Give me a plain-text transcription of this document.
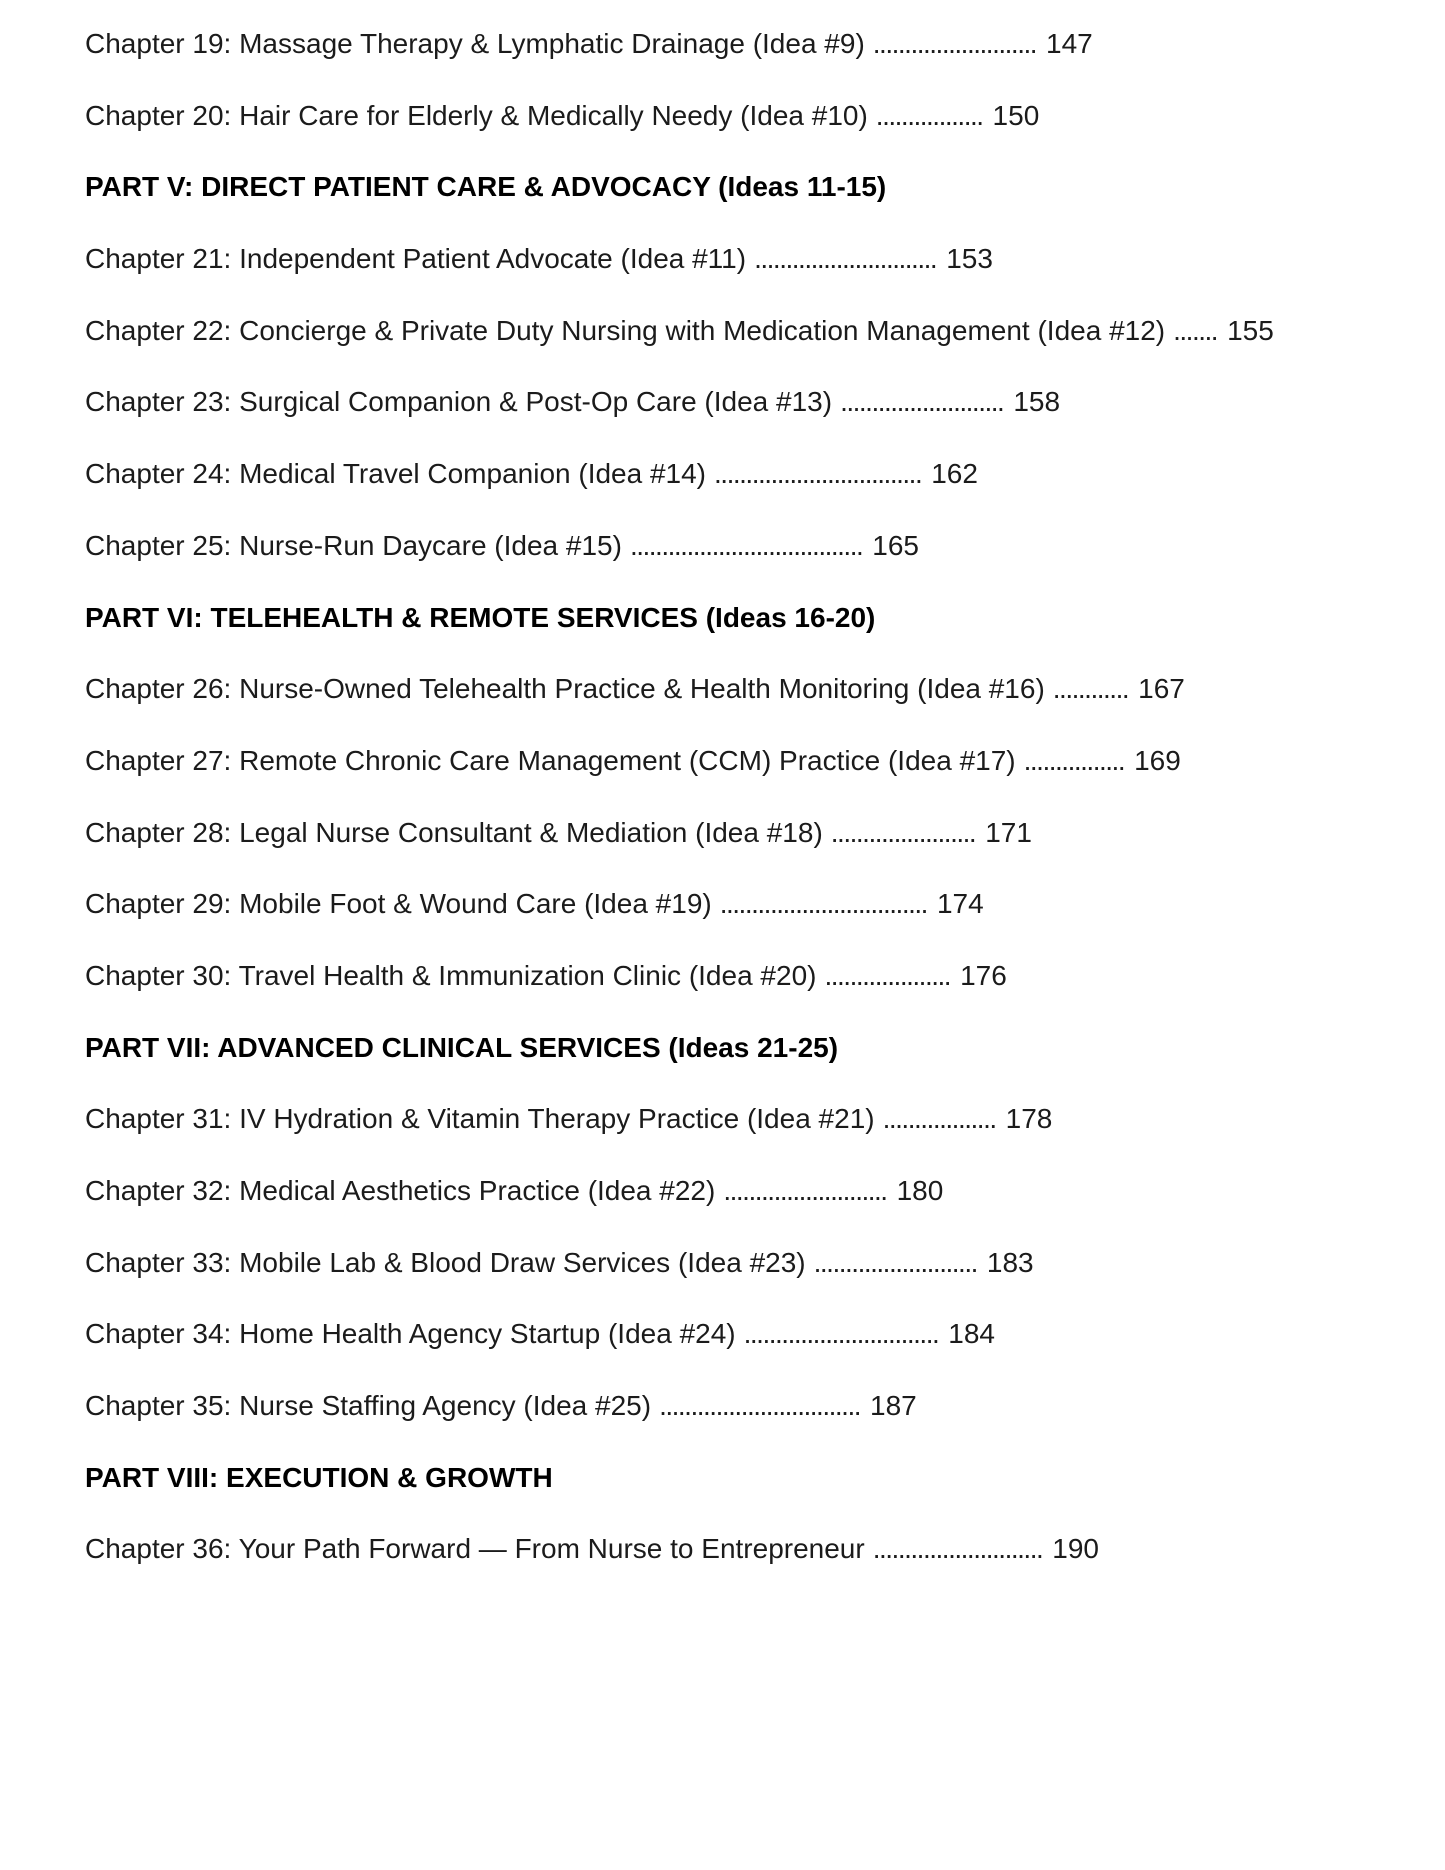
Chapter 19: Massage Therapy & Lymphatic Drainage (Idea #9) .......................... 147
Chapter 20: Hair Care for Elderly & Medically Needy (Idea #10) ................. 150
PART V: DIRECT PATIENT CARE & ADVOCACY (Ideas 11-15)
Chapter 21: Independent Patient Advocate (Idea #11) ............................. 153
Chapter 22: Concierge & Private Duty Nursing with Medication Management (Idea #12) ....... 155
Chapter 23: Surgical Companion & Post-Op Care (Idea #13) .......................... 158
Chapter 24: Medical Travel Companion (Idea #14) ................................. 162
Chapter 25: Nurse-Run Daycare (Idea #15) ..................................... 165
PART VI: TELEHEALTH & REMOTE SERVICES (Ideas 16-20)
Chapter 26: Nurse-Owned Telehealth Practice & Health Monitoring (Idea #16) ............ 167
Chapter 27: Remote Chronic Care Management (CCM) Practice (Idea #17) ................ 169
Chapter 28: Legal Nurse Consultant & Mediation (Idea #18) ....................... 171
Chapter 29: Mobile Foot & Wound Care (Idea #19) ................................. 174
Chapter 30: Travel Health & Immunization Clinic (Idea #20) .................... 176
PART VII: ADVANCED CLINICAL SERVICES (Ideas 21-25)
Chapter 31: IV Hydration & Vitamin Therapy Practice (Idea #21) .................. 178
Chapter 32: Medical Aesthetics Practice (Idea #22) .......................... 180
Chapter 33: Mobile Lab & Blood Draw Services (Idea #23) .......................... 183
Chapter 34: Home Health Agency Startup (Idea #24) ............................... 184
Chapter 35: Nurse Staffing Agency (Idea #25) ................................ 187
PART VIII: EXECUTION & GROWTH
Chapter 36: Your Path Forward — From Nurse to Entrepreneur ........................... 190
